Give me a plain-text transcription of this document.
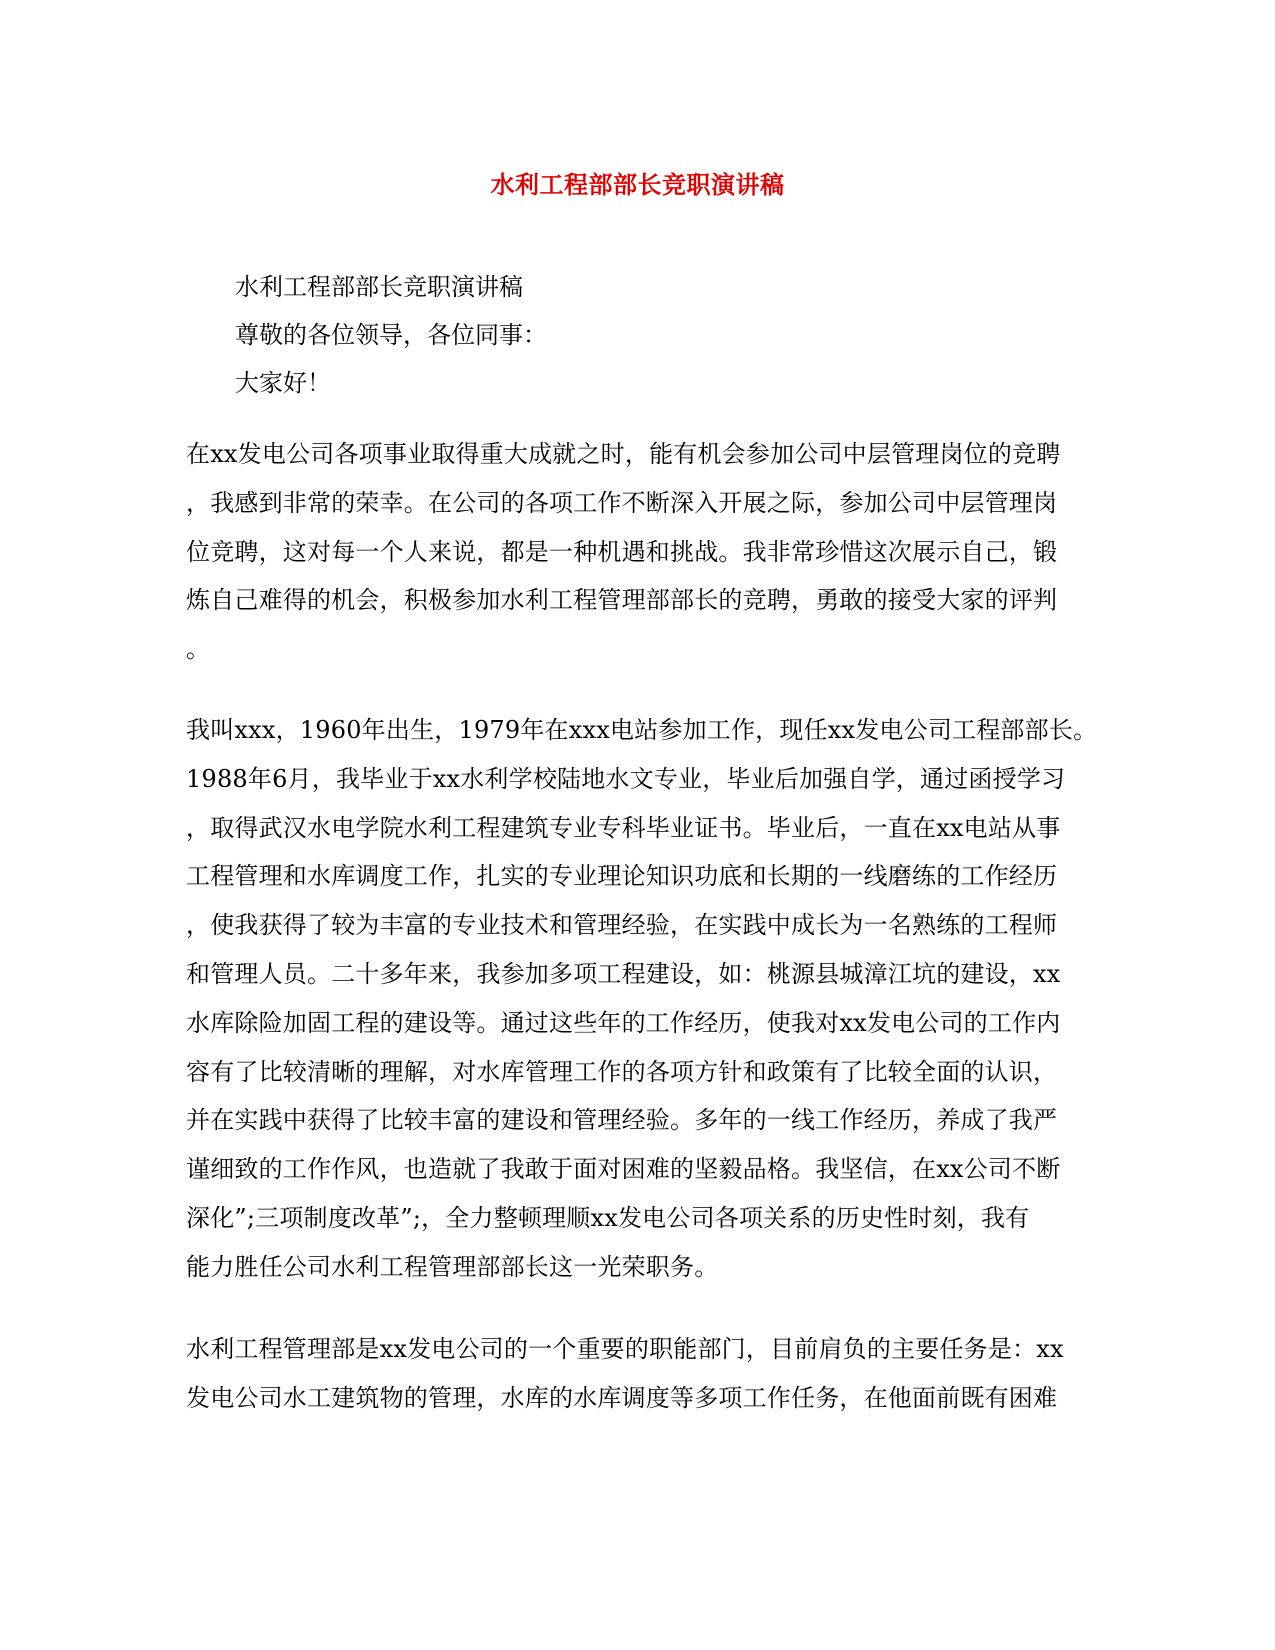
水利工程部部长竞职演讲稿
水利工程部部长竞职演讲稿
尊敬的各位领导，各位同事：
大家好！
在xx发电公司各项事业取得重大成就之时，能有机会参加公司中层管理岗位的竞聘
，我感到非常的荣幸。在公司的各项工作不断深入开展之际，参加公司中层管理岗
位竞聘，这对每一个人来说，都是一种机遇和挑战。我非常珍惜这次展示自己，锻
炼自己难得的机会，积极参加水利工程管理部部长的竞聘，勇敢的接受大家的评判
。
我叫xxx，1960年出生，1979年在xxx电站参加工作，现任xx发电公司工程部部长。
1988年6月，我毕业于xx水利学校陆地水文专业，毕业后加强自学，通过函授学习
，取得武汉水电学院水利工程建筑专业专科毕业证书。毕业后，一直在xx电站从事
工程管理和水库调度工作，扎实的专业理论知识功底和长期的一线磨练的工作经历
，使我获得了较为丰富的专业技术和管理经验，在实践中成长为一名熟练的工程师
和管理人员。二十多年来，我参加多项工程建设，如：桃源县城漳江坑的建设，xx
水库除险加固工程的建设等。通过这些年的工作经历，使我对xx发电公司的工作内
容有了比较清晰的理解，对水库管理工作的各项方针和政策有了比较全面的认识，
并在实践中获得了比较丰富的建设和管理经验。多年的一线工作经历，养成了我严
谨细致的工作作风，也造就了我敢于面对困难的坚毅品格。我坚信，在xx公司不断
深化”;三项制度改革”;，全力整顿理顺xx发电公司各项关系的历史性时刻，我有
能力胜任公司水利工程管理部部长这一光荣职务。
水利工程管理部是xx发电公司的一个重要的职能部门，目前肩负的主要任务是：xx
发电公司水工建筑物的管理，水库的水库调度等多项工作任务，在他面前既有困难
